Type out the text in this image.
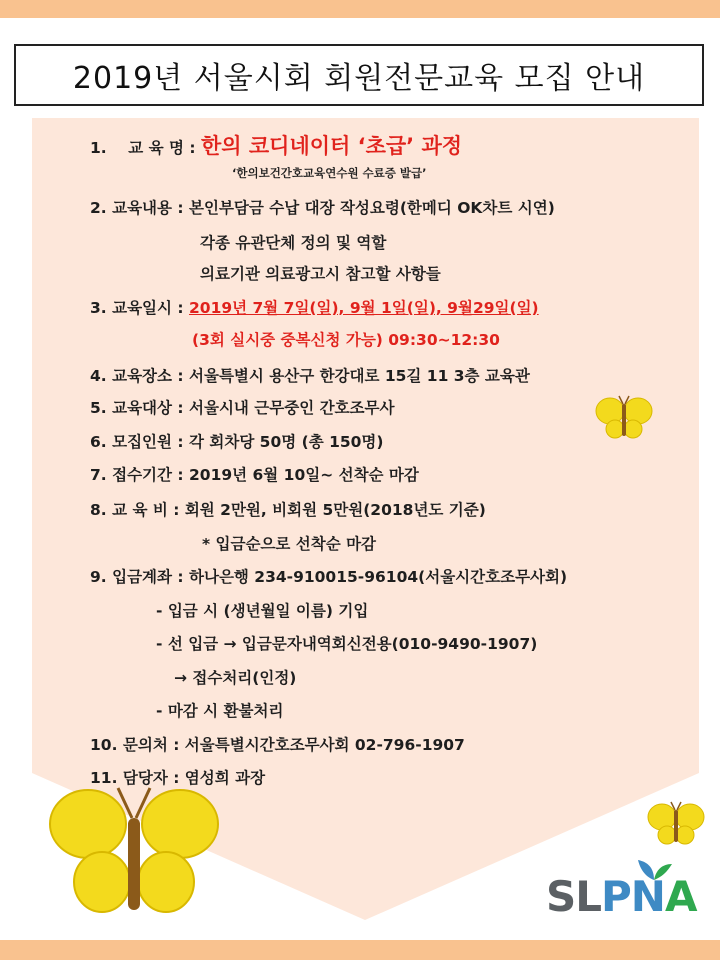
2019년 서울시회 회원전문교육 모집 안내
1. 교 육 명 : 한의 코디네이터 ‘초급’ 과정
‘한의보건간호교육연수원 수료증 발급’
2. 교육내용 : 본인부담금 수납 대장 작성요령(한메디 OK차트 시연)
각종 유관단체 정의 및 역할
의료기관 의료광고시 참고할 사항들
3. 교육일시 : 2019년 7월 7일(일), 9월 1일(일), 9월29일(일)
(3회 실시중 중복신청 가능) 09:30~12:30
4. 교육장소 : 서울특별시 용산구 한강대로 15길 11 3층 교육관
5. 교육대상 : 서울시내 근무중인 간호조무사
6. 모집인원 : 각 회차당 50명 (총 150명)
7. 접수기간 : 2019년 6월 10일~ 선착순 마감
8. 교 육 비 : 회원 2만원, 비회원 5만원(2018년도 기준)
* 입금순으로 선착순 마감
9. 입금계좌 : 하나은행 234-910015-96104(서울시간호조무사회)
- 입금 시 (생년월일 이름) 기입
- 선 입금 → 입금문자내역회신전용(010-9490-1907)
→ 접수처리(인정)
- 마감 시 환불처리
10. 문의처 : 서울특별시간호조무사회 02-796-1907
11. 담당자 : 염성희 과장
SLPNA
